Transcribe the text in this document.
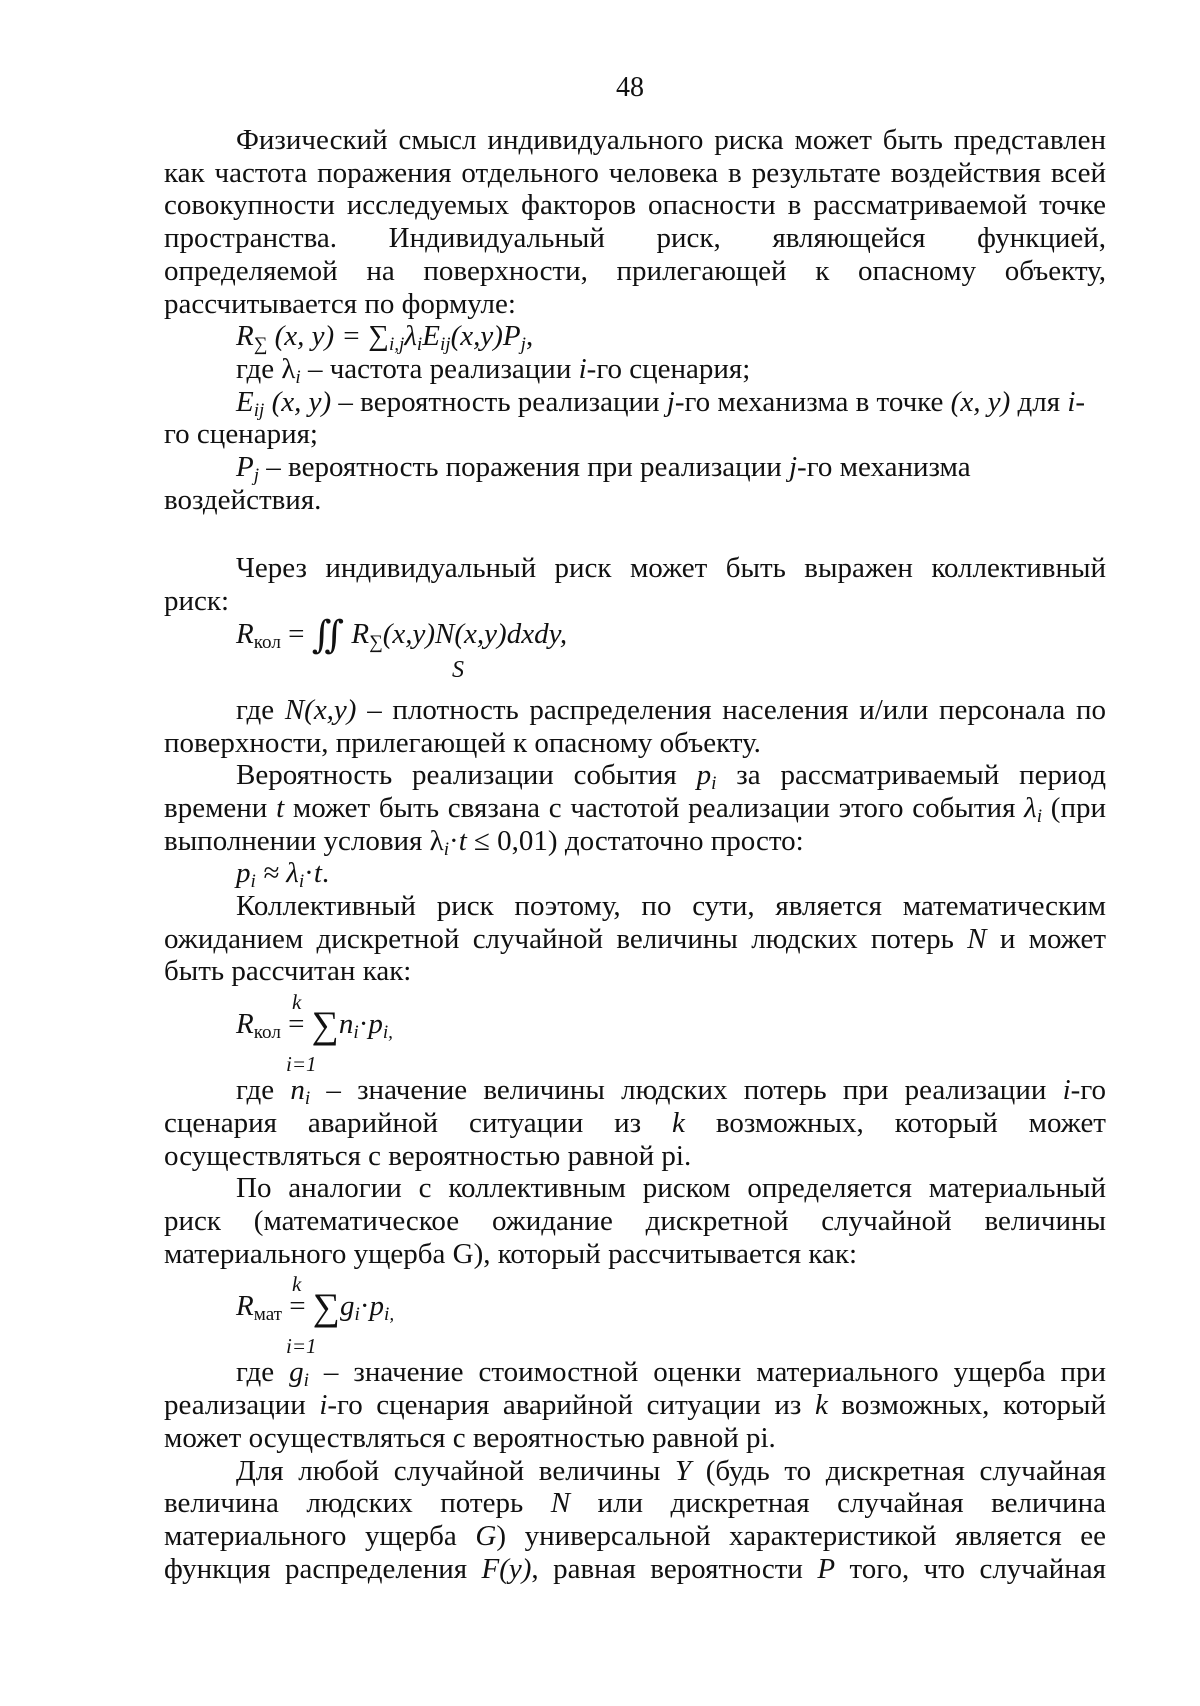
48

Физический смысл индивидуального риска может быть представлен как частота поражения отдельного человека в результате воздействия всей совокупности исследуемых факторов опасности в рассматриваемой точке пространства. Индивидуальный риск, являющейся функцией, определяемой на поверхности, прилегающей к опасному объекту, рассчитывается по формуле:

$R_\sum$ (x, $y) = \sum_{i,j}\lambda_iE_{ij}(x,y)P_j$,

где $\lambda_i$ – частота реализации i-го сценария;

$E_{ij}$ (x, y) – вероятность реализации j-го механизма в точке (x, y) для i-

го сценария;

$P_j$ – вероятность поражения при реализации j-го механизма

воздействия.

Через индивидуальный риск может быть выражен коллективный

риск:

$R_{кол}$ = ∬ $R_\sum(x,y)N(x,y)dxdy$,
S

где N(x,y) – плотность распределения населения и/или персонала по поверхности, прилегающей к опасному объекту.

Вероятность реализации события $p_i$ за рассматриваемый период времени t может быть связана с частотой реализации этого события $\lambda_i$ (при выполнении условия $\lambda_i\cdot t \le 0,01$) достаточно просто:

$p_i \approx \lambda_i\cdot t$.

Коллективный риск поэтому, по сути, является математическим ожиданием дискретной случайной величины людских потерь N и может быть рассчитан как:

k
$R_{кол} = \sum n_i\cdot p_{i,}$
i=1

где $n_i$ – значение величины людских потерь при реализации i-го сценария аварийной ситуации из k возможных, который может осуществляться с вероятностью равной pi.

По аналогии с коллективным риском определяется материальный риск (математическое ожидание дискретной случайной величины материального ущерба G), который рассчитывается как:

k
$R_{мат} = \sum g_i\cdot p_{i,}$
i=1

где $g_i$ – значение стоимостной оценки материального ущерба при реализации i-го сценария аварийной ситуации из k возможных, который может осуществляться с вероятностью равной pi.

Для любой случайной величины Y (будь то дискретная случайная величина людских потерь N или дискретная случайная величина материального ущерба G) универсальной характеристикой является ее функция распределения F(y), равная вероятности P того, что случайная
